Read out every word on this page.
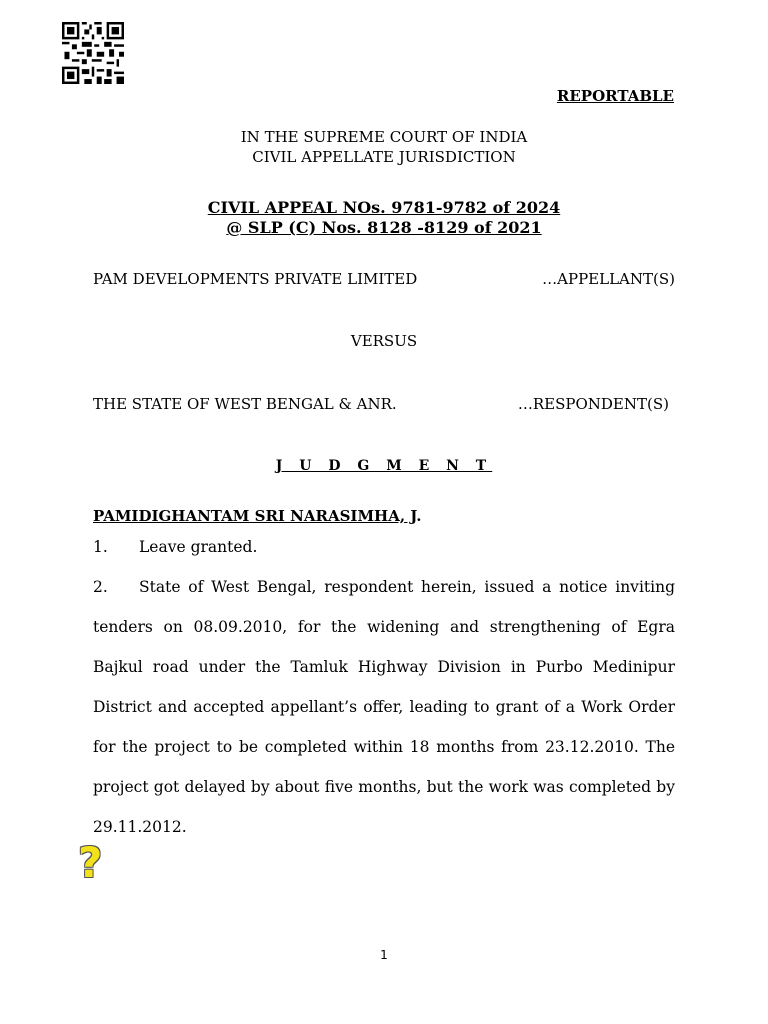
REPORTABLE
IN THE SUPREME COURT OF INDIA
CIVIL APPELLATE JURISDICTION
CIVIL APPEAL NOs. 9781-9782 of 2024
@ SLP (C) Nos. 8128 -8129 of 2021
PAM DEVELOPMENTS PRIVATE LIMITED	…APPELLANT(S)
VERSUS
THE STATE OF WEST BENGAL & ANR.	…RESPONDENT(S)
J U D G M E N T
PAMIDIGHANTAM SRI NARASIMHA, J.

1. Leave granted.

2. State of West Bengal, respondent herein, issued a notice inviting tenders on 08.09.2010, for the widening and strengthening of Egra Bajkul road under the Tamluk Highway Division in Purbo Medinipur District and accepted appellant’s offer, leading to grant of a Work Order for the project to be completed within 18 months from 23.12.2010. The project got delayed by about five months, but the work was completed by 29.11.2012.

?
1
